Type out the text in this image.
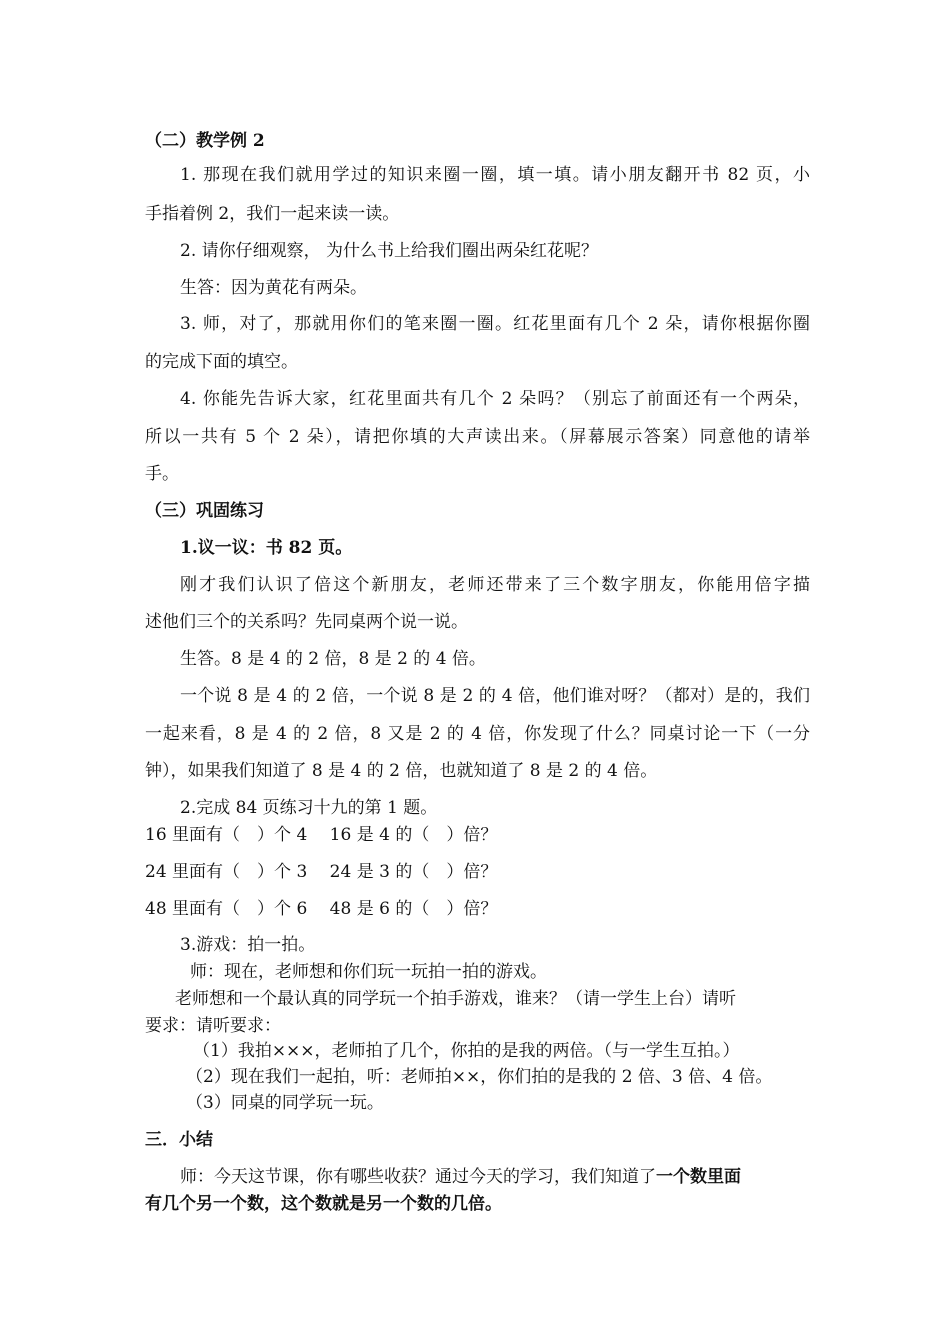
（二）教学例 2
1. 那现在我们就用学过的知识来圈一圈，填一填。请小朋友翻开书 82 页，小
手指着例 2，我们一起来读一读。
2. 请你仔细观察， 为什么书上给我们圈出两朵红花呢？
生答：因为黄花有两朵。
3. 师，对了，那就用你们的笔来圈一圈。红花里面有几个 2 朵，请你根据你圈
的完成下面的填空。
4. 你能先告诉大家，红花里面共有几个 2 朵吗？（别忘了前面还有一个两朵，
所以一共有 5 个 2 朵），请把你填的大声读出来。（屏幕展示答案）同意他的请举
手。
（三）巩固练习
1.议一议：书 82 页。
刚才我们认识了倍这个新朋友，老师还带来了三个数字朋友，你能用倍字描
述他们三个的关系吗？先同桌两个说一说。
生答。8 是 4 的 2 倍，8 是 2 的 4 倍。
一个说 8 是 4 的 2 倍，一个说 8 是 2 的 4 倍，他们谁对呀？（都对）是的，我们
一起来看，8 是 4 的 2 倍，8 又是 2 的 4 倍，你发现了什么？同桌讨论一下（一分
钟），如果我们知道了 8 是 4 的 2 倍，也就知道了 8 是 2 的 4 倍。
2.完成 84 页练习十九的第 1 题。
16 里面有（　）个 4　 16 是 4 的（　）倍？
24 里面有（　）个 3　 24 是 3 的（　）倍？
48 里面有（　）个 6　 48 是 6 的（　）倍？
3.游戏：拍一拍。
师：现在，老师想和你们玩一玩拍一拍的游戏。
老师想和一个最认真的同学玩一个拍手游戏，谁来？（请一学生上台）请听
要求：请听要求：
（1）我拍×××，老师拍了几个，你拍的是我的两倍。（与一学生互拍。）
（2）现在我们一起拍，听：老师拍××，你们拍的是我的 2 倍、3 倍、4 倍。
（3）同桌的同学玩一玩。
三．小结
师：今天这节课，你有哪些收获？通过今天的学习，我们知道了一个数里面
有几个另一个数，这个数就是另一个数的几倍。
